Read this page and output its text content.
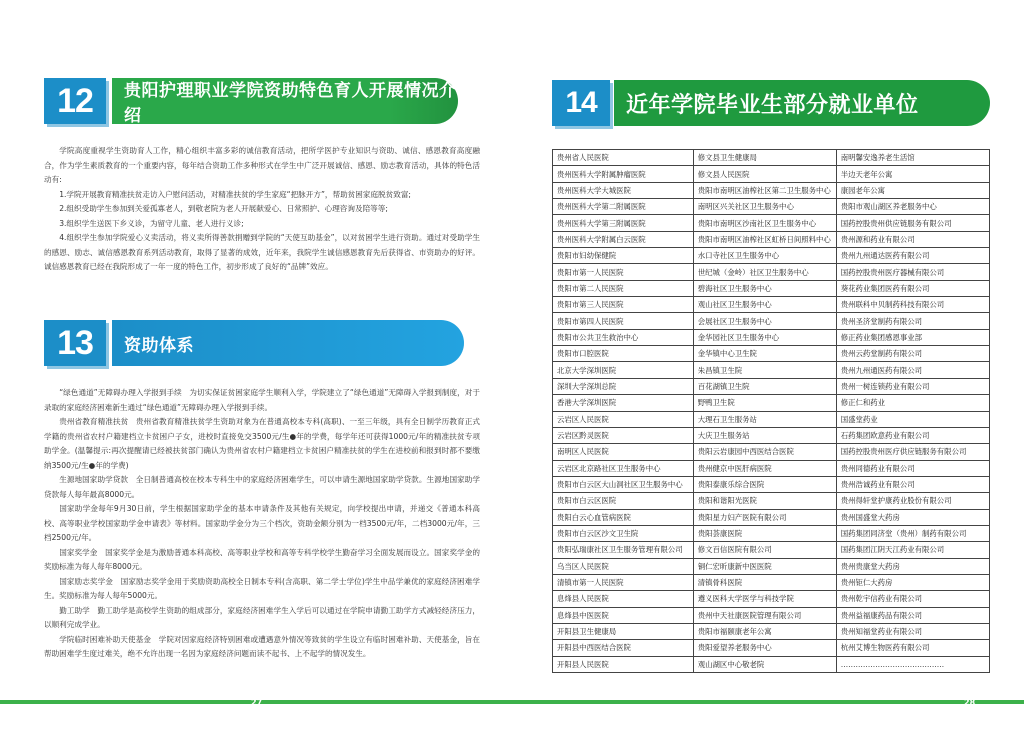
12	贵阳护理职业学院资助特色育人开展情况介绍

学院高度重视学生资助育人工作，精心组织丰富多彩的诚信教育活动，把所学医护专业知识与资助、诚信、感恩教育高度融合，作为学生素质教育的一个重要内容，每年结合资助工作多种形式在学生中广泛开展诚信、感恩、励志教育活动，具体的特色活动有:

1.学院开展教育精准扶贫走访入户慰问活动，对精准扶贫的学生家庭“把脉开方”，帮助贫困家庭脱贫致富;

2.组织受助学生参加到关爱孤寡老人，到敬老院为老人开展献爱心、日常照护、心理咨询及陪等等;

3.组织学生送医下乡义诊，为留守儿童、老人进行义诊;

4.组织学生参加学院爱心义卖活动，将义卖所得善款捐赠到学院的“天使互助基金”，以对贫困学生进行资助。通过对受助学生的感恩、励志、诚信感恩教育系列活动教育，取得了显著的成效，近年来，我院学生诚信感恩教育先后获得省、市资助办的好评。诚信感恩教育已经在我院形成了一年一度的特色工作，初步形成了良好的“品牌”效应。

13	资助体系

“绿色通道”无障碍办理入学报到手续　为切实保证贫困家庭学生顺利入学，学院建立了“绿色通道”无障碍入学报到制度，对于录取的家庭经济困难新生通过“绿色通道”无障碍办理入学报到手续。

贵州省教育精准扶贫　贵州省教育精准扶贫学生资助对象为在普通高校本专科(高职)、一至三年级，具有全日制学历教育正式学籍的贵州省农村户籍建档立卡贫困户子女，进校时直接免交3500元/生●年的学费，每学年还可获得1000元/年的精准扶贫专项助学金。(温馨提示:再次提醒请已经被扶贫部门确认为贵州省农村户籍建档立卡贫困户精准扶贫的学生在进校前和报到时都不要缴纳3500元/生●年的学费)

生源地国家助学贷款　全日制普通高校在校本专科生中的家庭经济困难学生，可以申请生源地国家助学贷款。生源地国家助学贷款每人每年最高8000元。

国家助学金每年9月30日前，学生根据国家助学金的基本申请条件及其他有关规定，向学校提出申请，并递交《普通本科高校、高等职业学校国家助学金申请表》等材料。国家助学金分为三个档次，资助金额分别为一档3500元/年，二档3000元/年，三档2500元/年。

国家奖学金　国家奖学金是为激励普通本科高校、高等职业学校和高等专科学校学生勤奋学习全面发展而设立。国家奖学金的奖励标准为每人每年8000元。

国家励志奖学金　国家励志奖学金用于奖励资助高校全日制本专科(含高职、第二学士学位)学生中品学兼优的家庭经济困难学生。奖励标准为每人每年5000元。

勤工助学　勤工助学是高校学生资助的组成部分，家庭经济困难学生入学后可以通过在学院申请勤工助学方式减轻经济压力，以顺利完成学业。

学院临时困难补助天使基金　学院对因家庭经济特别困难或遭遇意外情况等致贫的学生设立有临时困难补助、天使基金，旨在帮助困难学生度过难关，绝不允许出现一名因为家庭经济问题而读不起书、上不起学的情况发生。

27
14	近年学院毕业生部分就业单位
贵州省人民医院	修文县卫生健康局	南明馨安逸养老生活馆
贵州医科大学附属肿瘤医院	修文县人民医院	半边天老年公寓
贵州医科大学大城医院	贵阳市南明区油榨社区第二卫生服务中心	康园老年公寓
贵州医科大学第二附属医院	南明区兴关社区卫生服务中心	贵阳市观山湖区养老服务中心
贵州医科大学第三附属医院	贵阳市南明区沙南社区卫生服务中心	国药控股贵州供应链服务有限公司
贵州医科大学附属白云医院	贵阳市南明区油榨社区虹桥日间照料中心	贵州源和药业有限公司
贵阳市妇幼保健院	水口寺社区卫生服务中心	贵州九州通达医药有限公司
贵阳市第一人民医院	世纪城（金岭）社区卫生服务中心	国药控股贵州医疗器械有限公司
贵阳市第二人民医院	碧海社区卫生服务中心	葵花药业集团医药有限公司
贵阳市第三人民医院	观山社区卫生服务中心	贵州联科中贝制药科技有限公司
贵阳市第四人民医院	会展社区卫生服务中心	贵州圣济堂制药有限公司
贵阳市公共卫生救治中心	金华园社区卫生服务中心	修正药业集团感恩事业部
贵阳市口腔医院	金华镇中心卫生院	贵州云药堂制药有限公司
北京大学深圳医院	朱昌镇卫生院	贵州九州通医药有限公司
深圳大学深圳总院	百花湖镇卫生院	贵州一树连锁药业有限公司
香港大学深圳医院	野鸭卫生院	修正仁和药业
云岩区人民医院	大理石卫生服务站	国盛堂药业
云岩区黔灵医院	大庆卫生服务站	石药集团欧意药业有限公司
南明区人民医院	贵阳云岩康园中西医结合医院	国药控股贵州医疗供应链服务有限公司
云岩区北京路社区卫生服务中心	贵州健京中医肝病医院	贵州同德药业有限公司
贵阳市白云区大山洞社区卫生服务中心	贵阳泰康乐综合医院	贵州浩诚药业有限公司
贵阳市白云区医院	贵阳和谐阳光医院	贵州得轩堂护康药业股份有限公司
贵阳白云心血管病医院	贵阳星力妇产医院有限公司	贵州国盛堂大药房
贵阳市白云区沙文卫生院	贵阳荟康医院	国药集团同济堂（贵州）制药有限公司
贵阳弘瑞康社区卫生服务管理有限公司	修文百信医院有限公司	国药集团江阴天江药业有限公司
乌当区人民医院	铜仁宏昕康新中医医院	贵州贵康堂大药房
清镇市第一人民医院	清镇骨科医院	贵州钜仁大药房
息烽县人民医院	遵义医科大学医学与科技学院	贵州乾宇信药业有限公司
息烽县中医医院	贵州中天社康医院管理有限公司	贵州益福康药品有限公司
开阳县卫生健康局	贵阳市福颐康老年公寓	贵州知福堂药业有限公司
开阳县中西医结合医院	贵阳爱望养老服务中心	杭州艾博生物医药有限公司
开阳县人民医院	观山湖区中心敬老院	……………………………………
28
